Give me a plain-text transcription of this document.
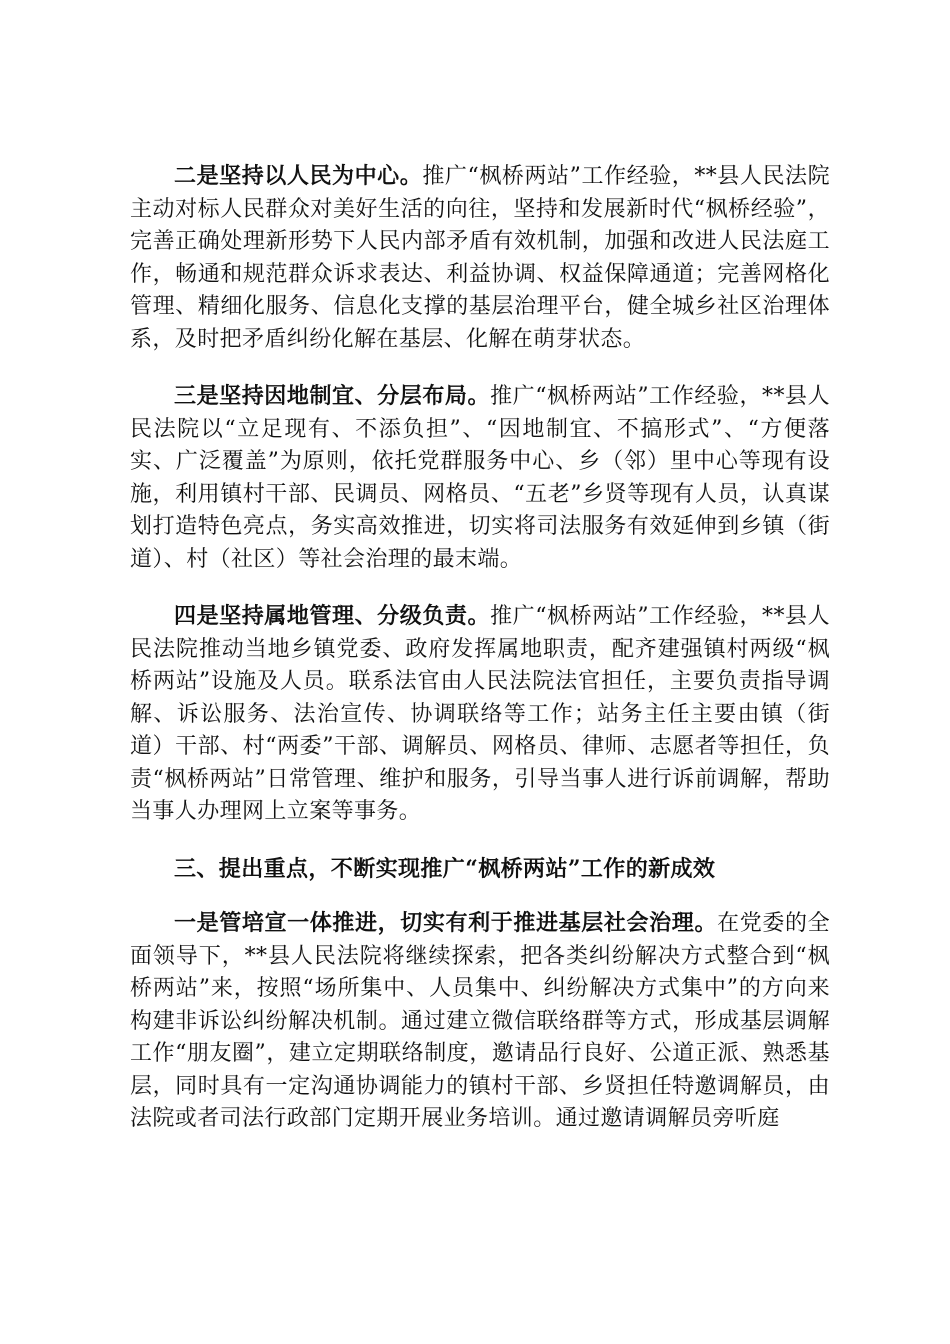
二是坚持以人民为中心。推广“枫桥两站”工作经验，**县人民法院主动对标人民群众对美好生活的向往，坚持和发展新时代“枫桥经验”，完善正确处理新形势下人民内部矛盾有效机制，加强和改进人民法庭工作，畅通和规范群众诉求表达、利益协调、权益保障通道；完善网格化管理、精细化服务、信息化支撑的基层治理平台，健全城乡社区治理体系，及时把矛盾纠纷化解在基层、化解在萌芽状态。

三是坚持因地制宜、分层布局。推广“枫桥两站”工作经验，**县人民法院以“立足现有、不添负担”、“因地制宜、不搞形式”、“方便落实、广泛覆盖”为原则，依托党群服务中心、乡（邻）里中心等现有设施，利用镇村干部、民调员、网格员、“五老”乡贤等现有人员，认真谋划打造特色亮点，务实高效推进，切实将司法服务有效延伸到乡镇（街道）、村（社区）等社会治理的最末端。

四是坚持属地管理、分级负责。推广“枫桥两站”工作经验，**县人民法院推动当地乡镇党委、政府发挥属地职责，配齐建强镇村两级“枫桥两站”设施及人员。联系法官由人民法院法官担任，主要负责指导调解、诉讼服务、法治宣传、协调联络等工作；站务主任主要由镇（街道）干部、村“两委”干部、调解员、网格员、律师、志愿者等担任，负责“枫桥两站”日常管理、维护和服务，引导当事人进行诉前调解，帮助当事人办理网上立案等事务。

三、提出重点，不断实现推广“枫桥两站”工作的新成效

一是管培宣一体推进，切实有利于推进基层社会治理。在党委的全面领导下，**县人民法院将继续探索，把各类纠纷解决方式整合到“枫桥两站”来，按照“场所集中、人员集中、纠纷解决方式集中”的方向来构建非诉讼纠纷解决机制。通过建立微信联络群等方式，形成基层调解工作“朋友圈”，建立定期联络制度，邀请品行良好、公道正派、熟悉基层，同时具有一定沟通协调能力的镇村干部、乡贤担任特邀调解员，由法院或者司法行政部门定期开展业务培训。通过邀请调解员旁听庭
